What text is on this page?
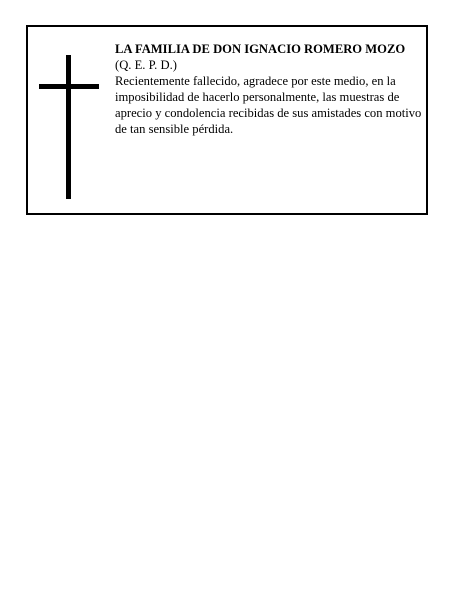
LA FAMILIA DE DON IGNACIO ROMERO MOZO

(Q. E. P. D.)

Recientemente fallecido, agradece por este medio, en la imposibilidad de hacerlo personalmente, las muestras de aprecio y condolencia recibidas de sus amistades con motivo de tan sensible pérdida.
